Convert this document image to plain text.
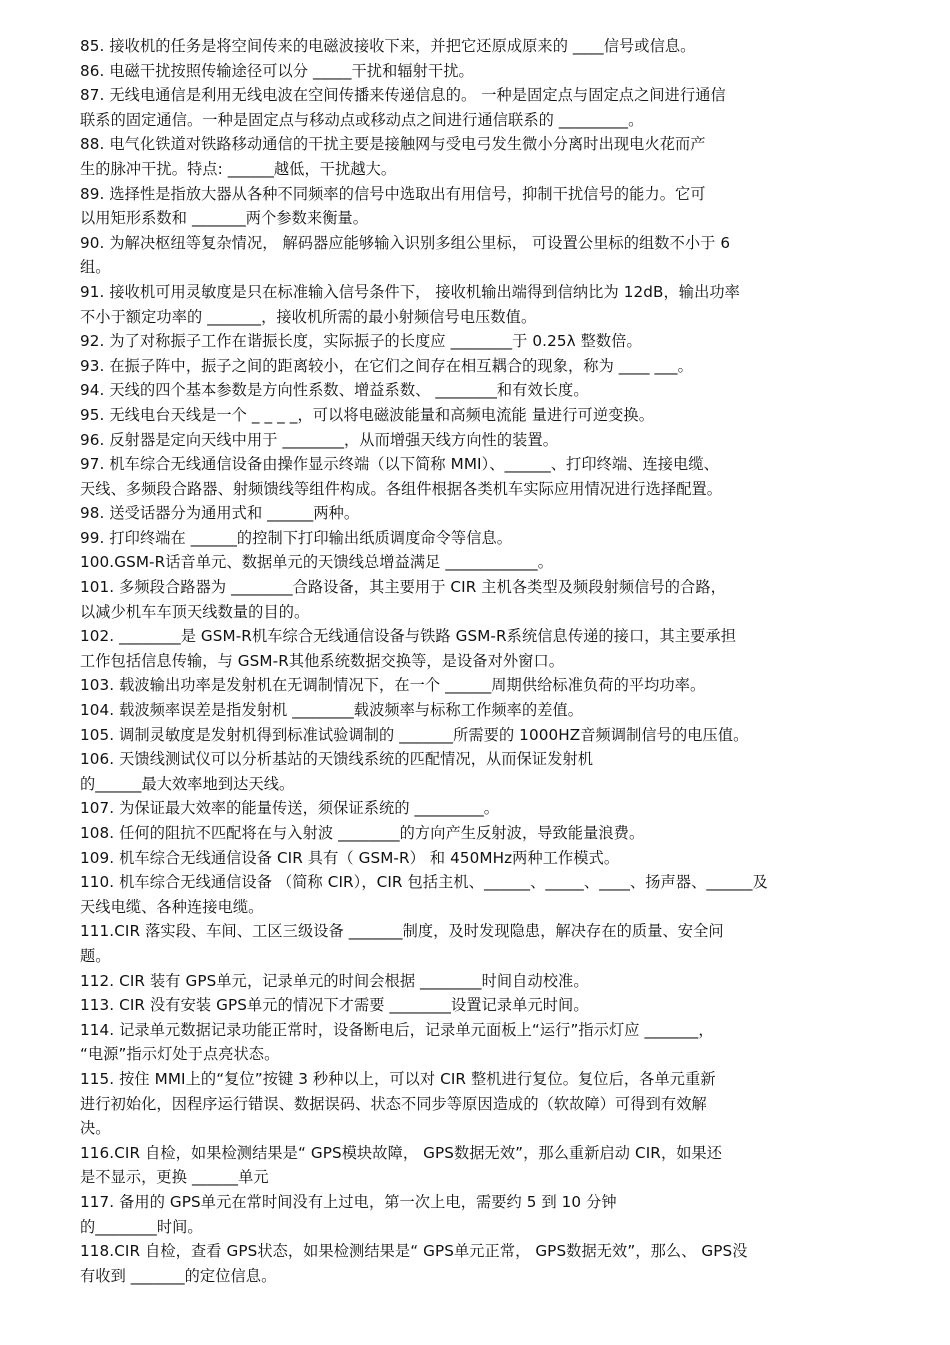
85. 接收机的任务是将空间传来的电磁波接收下来，并把它还原成原来的 ____信号或信息。

86. 电磁干扰按照传输途径可以分 _____干扰和辐射干扰。

87. 无线电通信是利用无线电波在空间传播来传递信息的。 一种是固定点与固定点之间进行通信

联系的固定通信。一种是固定点与移动点或移动点之间进行通信联系的 _________。

88. 电气化铁道对铁路移动通信的干扰主要是接触网与受电弓发生微小分离时出现电火花而产

生的脉冲干扰。特点: ______越低，干扰越大。

89. 选择性是指放大器从各种不同频率的信号中选取出有用信号，抑制干扰信号的能力。它可

以用矩形系数和 _______两个参数来衡量。

90. 为解决枢纽等复杂情况， 解码器应能够输入识别多组公里标， 可设置公里标的组数不小于 6

组。

91. 接收机可用灵敏度是只在标准输入信号条件下， 接收机输出端得到信纳比为 12dB，输出功率

不小于额定功率的 _______，接收机所需的最小射频信号电压数值。

92. 为了对称振子工作在谐振长度，实际振子的长度应 ________于 0.25λ 整数倍。

93. 在振子阵中，振子之间的距离较小，在它们之间存在相互耦合的现象，称为 ____ ___。

94. 天线的四个基本参数是方向性系数、增益系数、 ________和有效长度。

95. 无线电台天线是一个 _ _ _ _，可以将电磁波能量和高频电流能 量进行可逆变换。

96. 反射器是定向天线中用于 ________，从而增强天线方向性的装置。

97. 机车综合无线通信设备由操作显示终端（以下简称 MMI）、______、打印终端、连接电缆、

天线、多频段合路器、射频馈线等组件构成。各组件根据各类机车实际应用情况进行选择配置。

98. 送受话器分为通用式和 ______两种。

99. 打印终端在 ______的控制下打印输出纸质调度命令等信息。

100.GSM-R话音单元、数据单元的天馈线总增益满足 ____________。

101. 多频段合路器为 ________合路设备，其主要用于 CIR 主机各类型及频段射频信号的合路，

以减少机车车顶天线数量的目的。

102. ________是 GSM-R机车综合无线通信设备与铁路 GSM-R系统信息传递的接口，其主要承担

工作包括信息传输，与 GSM-R其他系统数据交换等，是设备对外窗口。

103. 载波输出功率是发射机在无调制情况下，在一个 ______周期供给标准负荷的平均功率。

104. 载波频率误差是指发射机 ________载波频率与标称工作频率的差值。

105. 调制灵敏度是发射机得到标准试验调制的 _______所需要的 1000HZ音频调制信号的电压值。

106. 天馈线测试仪可以分析基站的天馈线系统的匹配情况，从而保证发射机

的______最大效率地到达天线。

107. 为保证最大效率的能量传送，须保证系统的 _________。

108. 任何的阻抗不匹配将在与入射波 ________的方向产生反射波，导致能量浪费。

109. 机车综合无线通信设备 CIR 具有（ GSM-R） 和 450MHz两种工作模式。

110. 机车综合无线通信设备 （简称 CIR），CIR 包括主机、______、_____、____、扬声器、______及

天线电缆、各种连接电缆。

111.CIR 落实段、车间、工区三级设备 _______制度，及时发现隐患，解决存在的质量、安全问

题。

112. CIR 装有 GPS单元，记录单元的时间会根据 ________时间自动校准。

113. CIR 没有安装 GPS单元的情况下才需要 ________设置记录单元时间。

114. 记录单元数据记录功能正常时，设备断电后，记录单元面板上“运行”指示灯应 _______，

“电源”指示灯处于点亮状态。

115. 按住 MMI上的“复位”按键 3 秒种以上，可以对 CIR 整机进行复位。复位后，各单元重新

进行初始化，因程序运行错误、数据误码、状态不同步等原因造成的（软故障）可得到有效解

决。

116.CIR 自检，如果检测结果是“ GPS模块故障， GPS数据无效”，那么重新启动 CIR，如果还

是不显示，更换 ______单元

117. 备用的 GPS单元在常时间没有上过电，第一次上电，需要约 5 到 10 分钟

的________时间。

118.CIR 自检，查看 GPS状态，如果检测结果是“ GPS单元正常， GPS数据无效”，那么、 GPS没

有收到 _______的定位信息。
